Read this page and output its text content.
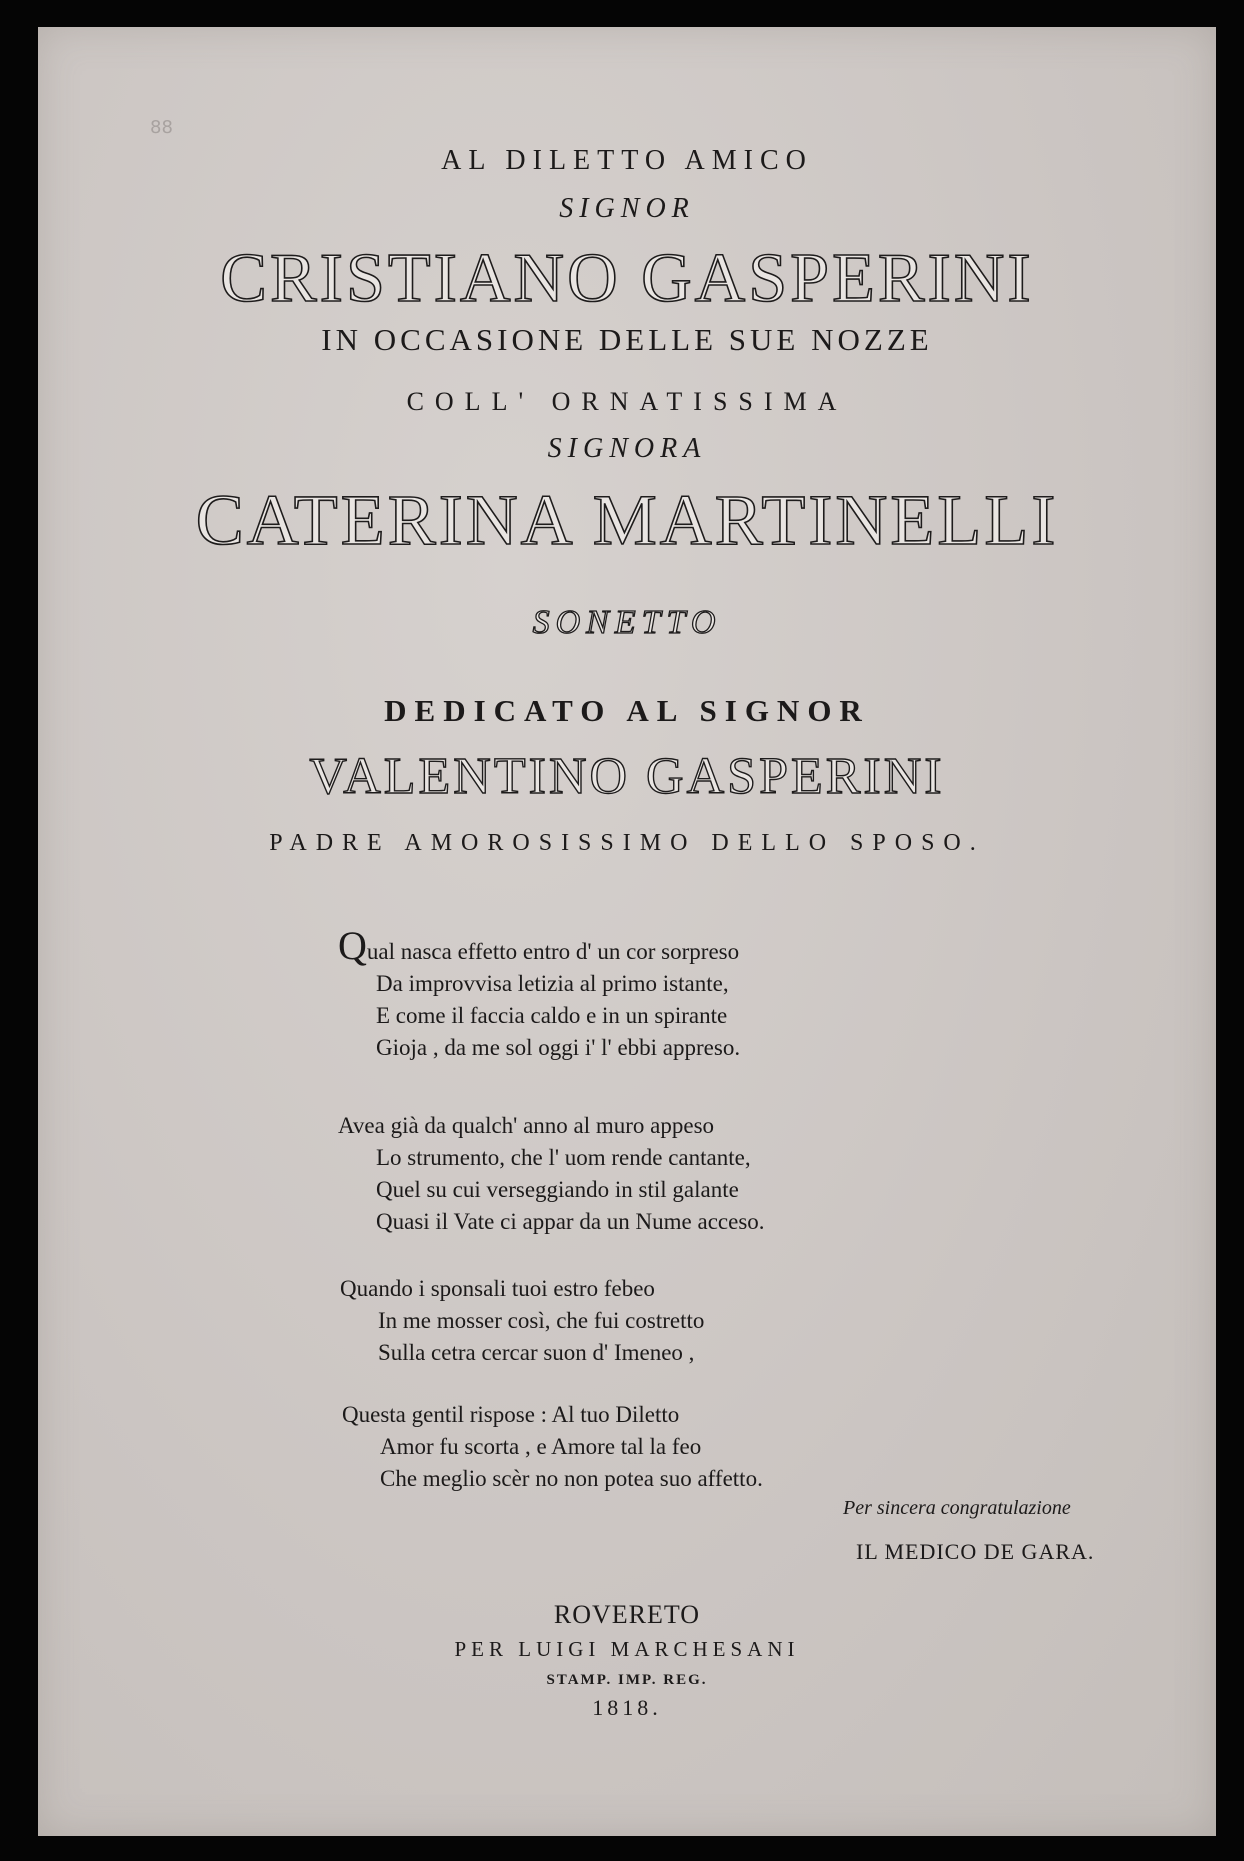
88
AL DILETTO AMICO
SIGNOR
CRISTIANO GASPERINI
IN OCCASIONE DELLE SUE NOZZE
COLL' ORNATISSIMA
SIGNORA
CATERINA MARTINELLI
SONETTO
DEDICATO AL SIGNOR
VALENTINO GASPERINI
PADRE AMOROSISSIMO DELLO SPOSO.
Qual nasca effetto entro d' un cor sorpreso
Da improvvisa letizia al primo istante,
E come il faccia caldo e in un spirante
Gioja , da me sol oggi i' l' ebbi appreso.
Avea già da qualch' anno al muro appeso
Lo strumento, che l' uom rende cantante,
Quel su cui verseggiando in stil galante
Quasi il Vate ci appar da un Nume acceso.
Quando i sponsali tuoi estro febeo
In me mosser così, che fui costretto
Sulla cetra cercar suon d' Imeneo ,
Questa gentil rispose : Al tuo Diletto
Amor fu scorta , e Amore tal la feo
Che meglio scèr no non potea suo affetto.
Per sincera congratulazione
IL MEDICO DE GARA.
ROVERETO
PER LUIGI MARCHESANI
STAMP. IMP. REG.
1818.
